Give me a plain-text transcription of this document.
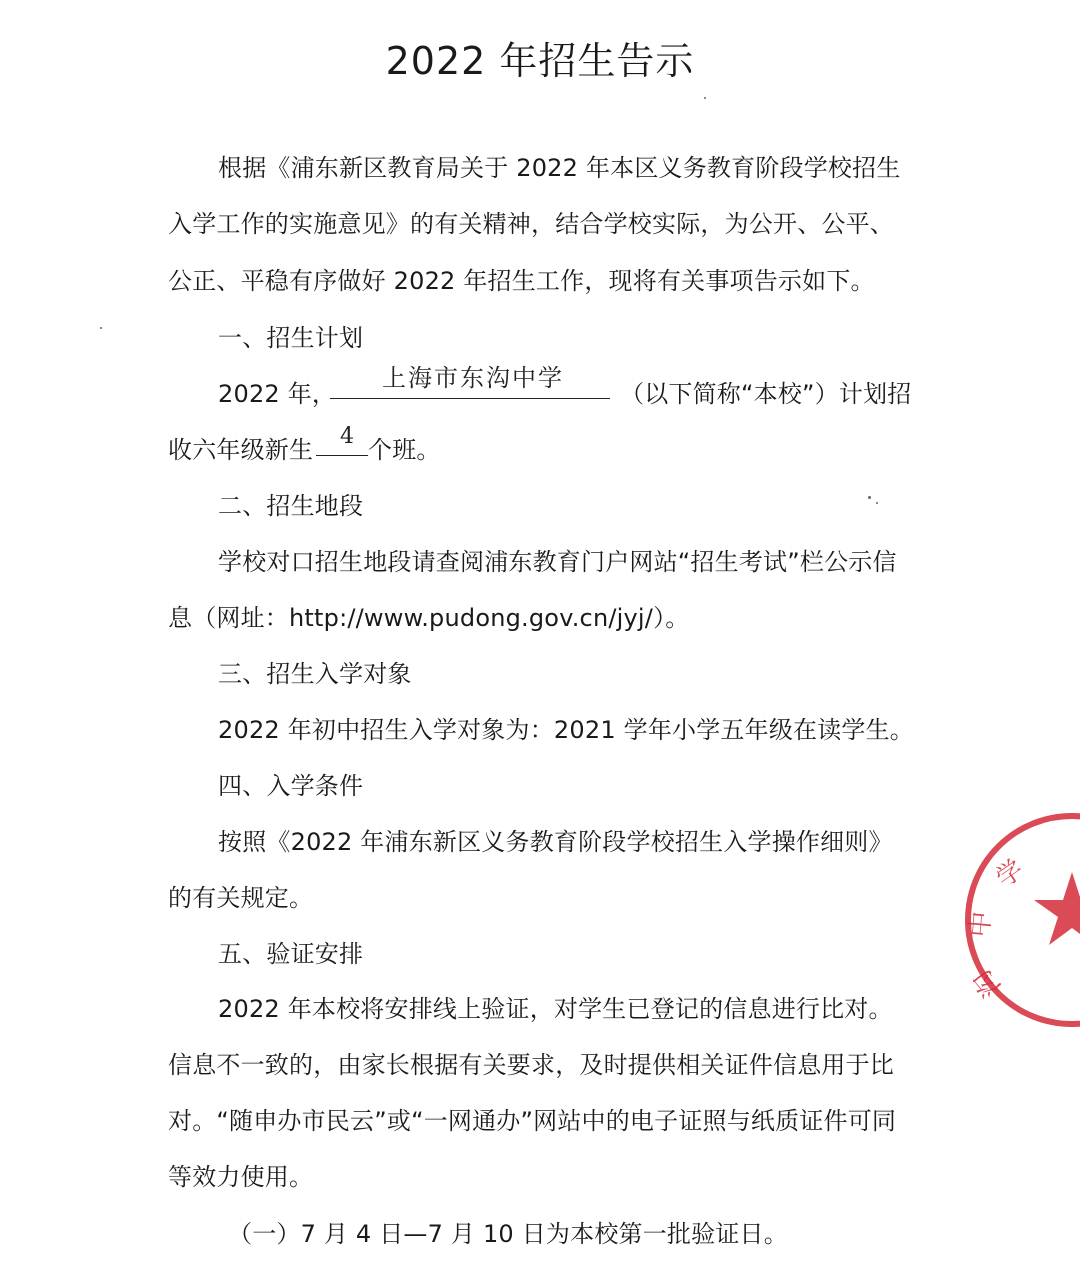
2022 年招生告示
根据《浦东新区教育局关于 2022 年本区义务教育阶段学校招生
入学工作的实施意见》的有关精神，结合学校实际，为公开、公平、
公正、平稳有序做好 2022 年招生工作，现将有关事项告示如下。
一、招生计划
2022 年，
上海市东沟中学
（以下简称“本校”）计划招
收六年级新生 4 个班。
二、招生地段
学校对口招生地段请查阅浦东教育门户网站“招生考试”栏公示信
息（网址：http://www.pudong.gov.cn/jyj/）。
三、招生入学对象
2022 年初中招生入学对象为：2021 学年小学五年级在读学生。
四、入学条件
按照《2022 年浦东新区义务教育阶段学校招生入学操作细则》
的有关规定。
五、验证安排
2022 年本校将安排线上验证，对学生已登记的信息进行比对。
信息不一致的，由家长根据有关要求，及时提供相关证件信息用于比
对。“随申办市民云”或“一网通办”网站中的电子证照与纸质证件可同
等效力使用。
（一）7 月 4 日—7 月 10 日为本校第一批验证日。
学
中
沟
